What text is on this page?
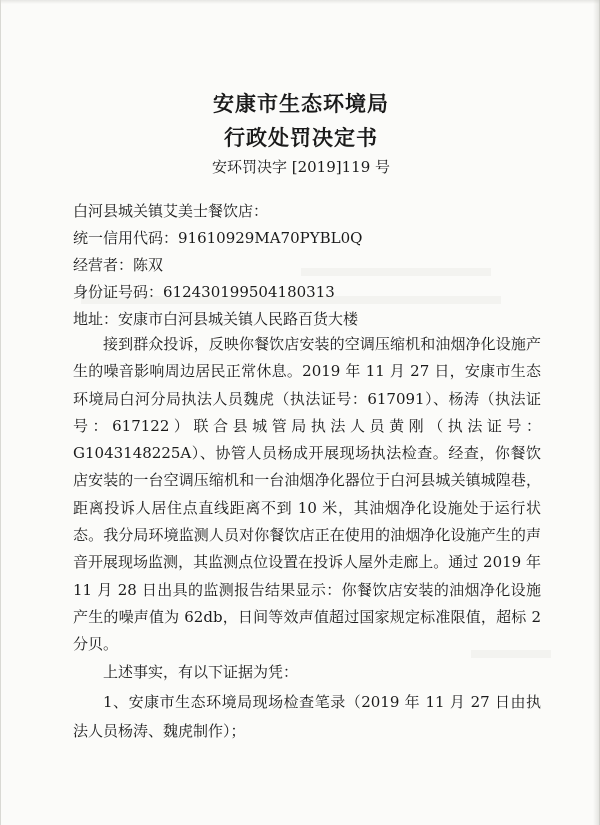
安康市生态环境局
行政处罚决定书
安环罚决字 [2019]119 号
白河县城关镇艾美士餐饮店：
统一信用代码：91610929MA70PYBL0Q
经营者：陈双
身份证号码：612430199504180313
地址：安康市白河县城关镇人民路百货大楼
接到群众投诉，反映你餐饮店安装的空调压缩机和油烟净化设施产生的噪音影响周边居民正常休息。2019 年 11 月 27 日，安康市生态环境局白河分局执法人员魏虎（执法证号：617091）、杨涛（执法证号：617122）联合县城管局执法人员黄刚（执法证号：G1043148225A）、协管人员杨成开展现场执法检查。经查，你餐饮店安装的一台空调压缩机和一台油烟净化器位于白河县城关镇城隍巷，距离投诉人居住点直线距离不到 10 米，其油烟净化设施处于运行状态。我分局环境监测人员对你餐饮店正在使用的油烟净化设施产生的声音开展现场监测，其监测点位设置在投诉人屋外走廊上。通过 2019 年 11 月 28 日出具的监测报告结果显示：你餐饮店安装的油烟净化设施产生的噪声值为 62db，日间等效声值超过国家规定标准限值，超标 2 分贝。
上述事实，有以下证据为凭：
1、安康市生态环境局现场检查笔录（2019 年 11 月 27 日由执法人员杨涛、魏虎制作）；
